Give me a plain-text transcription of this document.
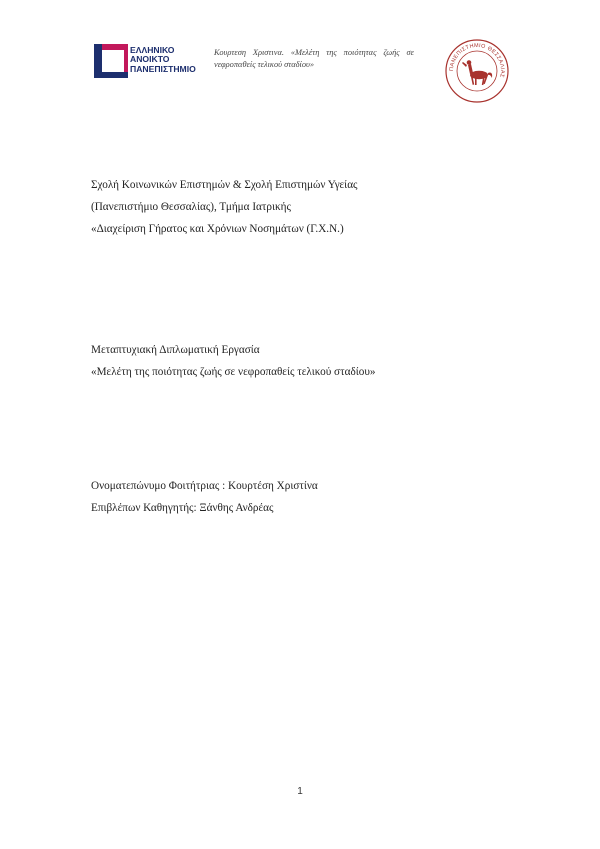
ΕΛΛΗΝΙΚΟ
ΑΝΟΙΚΤΟ
ΠΑΝΕΠΙΣΤΗΜΙΟ
Κουρτεση Χριστινα. «Μελέτη της ποιότητας ζωής σε νεφροπαθείς τελικού σταδίου»	ΠΑΝΕΠΙΣΤΗΜΙΟ ΘΕΣΣΑΛΙΑΣ

Σχολή Κοινωνικών Επιστημών & Σχολή Επιστημών Υγείας

(Πανεπιστήμιο Θεσσαλίας), Τμήμα Ιατρικής

«Διαχείριση Γήρατος και Χρόνιων Νοσημάτων (Γ.Χ.Ν.)

Μεταπτυχιακή Διπλωματική Εργασία

«Μελέτη της ποιότητας ζωής σε νεφροπαθείς τελικού σταδίου»

Ονοματεπώνυμο Φοιτήτριας : Κουρτέση Χριστίνα

Επιβλέπων Καθηγητής: Ξάνθης Ανδρέας

1
